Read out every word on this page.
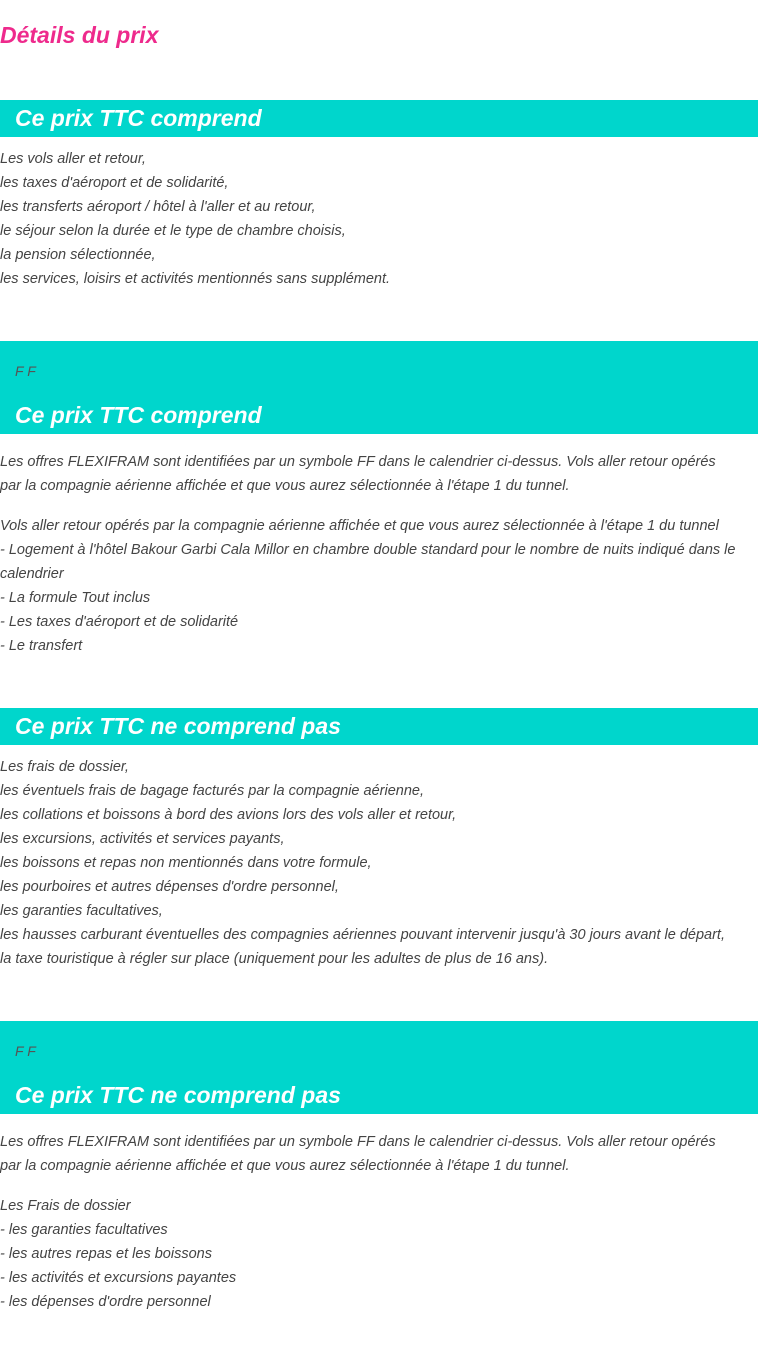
Détails du prix
Ce prix TTC comprend
Les vols aller et retour,
les taxes d'aéroport et de solidarité,
les transferts aéroport / hôtel à l'aller et au retour,
le séjour selon la durée et le type de chambre choisis,
la pension sélectionnée,
les services, loisirs et activités mentionnés sans supplément.
F F
Ce prix TTC comprend
Les offres FLEXIFRAM sont identifiées par un symbole FF dans le calendrier ci-dessus. Vols aller retour opérés par la compagnie aérienne affichée et que vous aurez sélectionnée à l'étape 1 du tunnel.
Vols aller retour opérés par la compagnie aérienne affichée et que vous aurez sélectionnée à l'étape 1 du tunnel
- Logement à l'hôtel Bakour Garbi Cala Millor en chambre double standard pour le nombre de nuits indiqué dans le calendrier
- La formule Tout inclus
- Les taxes d'aéroport et de solidarité
- Le transfert
Ce prix TTC ne comprend pas
Les frais de dossier,
les éventuels frais de bagage facturés par la compagnie aérienne,
les collations et boissons à bord des avions lors des vols aller et retour,
les excursions, activités et services payants,
les boissons et repas non mentionnés dans votre formule,
les pourboires et autres dépenses d'ordre personnel,
les garanties facultatives,
les hausses carburant éventuelles des compagnies aériennes pouvant intervenir jusqu'à 30 jours avant le départ,
la taxe touristique à régler sur place (uniquement pour les adultes de plus de 16 ans).
F F
Ce prix TTC ne comprend pas
Les offres FLEXIFRAM sont identifiées par un symbole FF dans le calendrier ci-dessus. Vols aller retour opérés par la compagnie aérienne affichée et que vous aurez sélectionnée à l'étape 1 du tunnel.
Les Frais de dossier
- les garanties facultatives
- les autres repas et les boissons
- les activités et excursions payantes
- les dépenses d'ordre personnel
